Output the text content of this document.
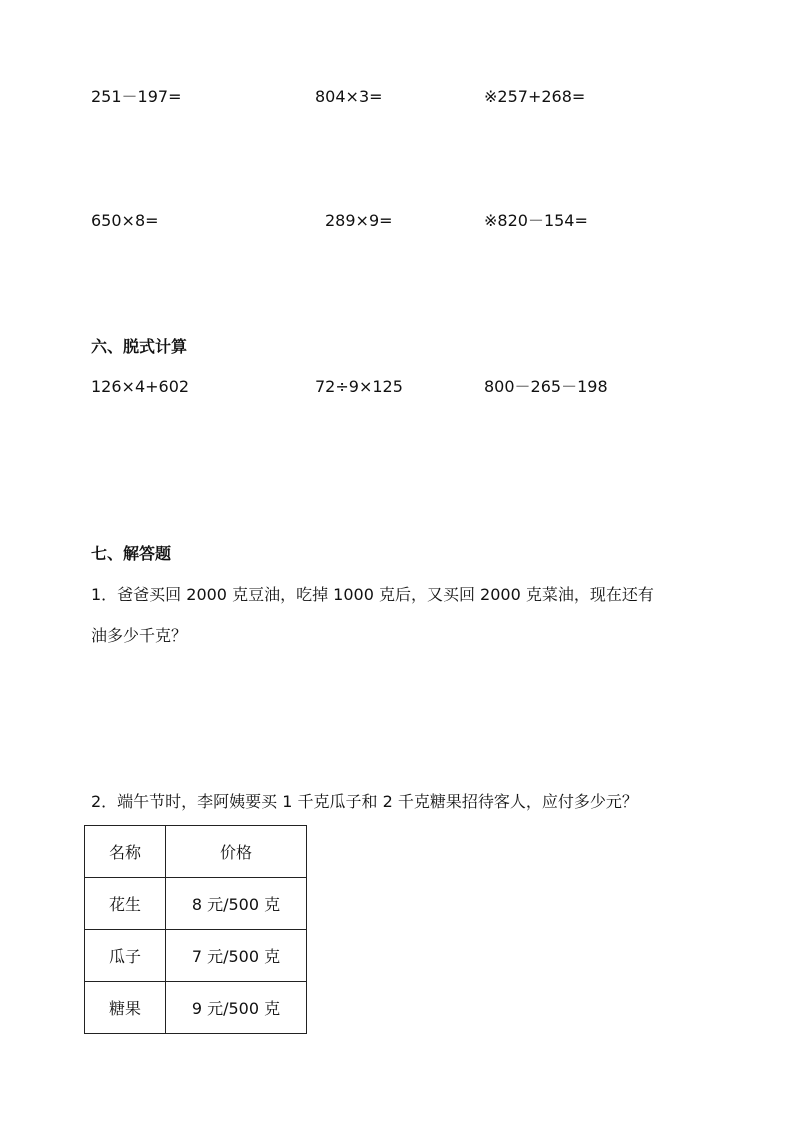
251－197=	804×3=	※257+268=
650×8=	289×9=	※820－154=
六、脱式计算
126×4+602	72÷9×125	800－265－198
七、解答题
1．爸爸买回 2000 克豆油，吃掉 1000 克后，又买回 2000 克菜油，现在还有
油多少千克？
2．端午节时，李阿姨要买 1 千克瓜子和 2 千克糖果招待客人，应付多少元？
名称	价格
花生	8 元/500 克
瓜子	7 元/500 克
糖果	9 元/500 克
